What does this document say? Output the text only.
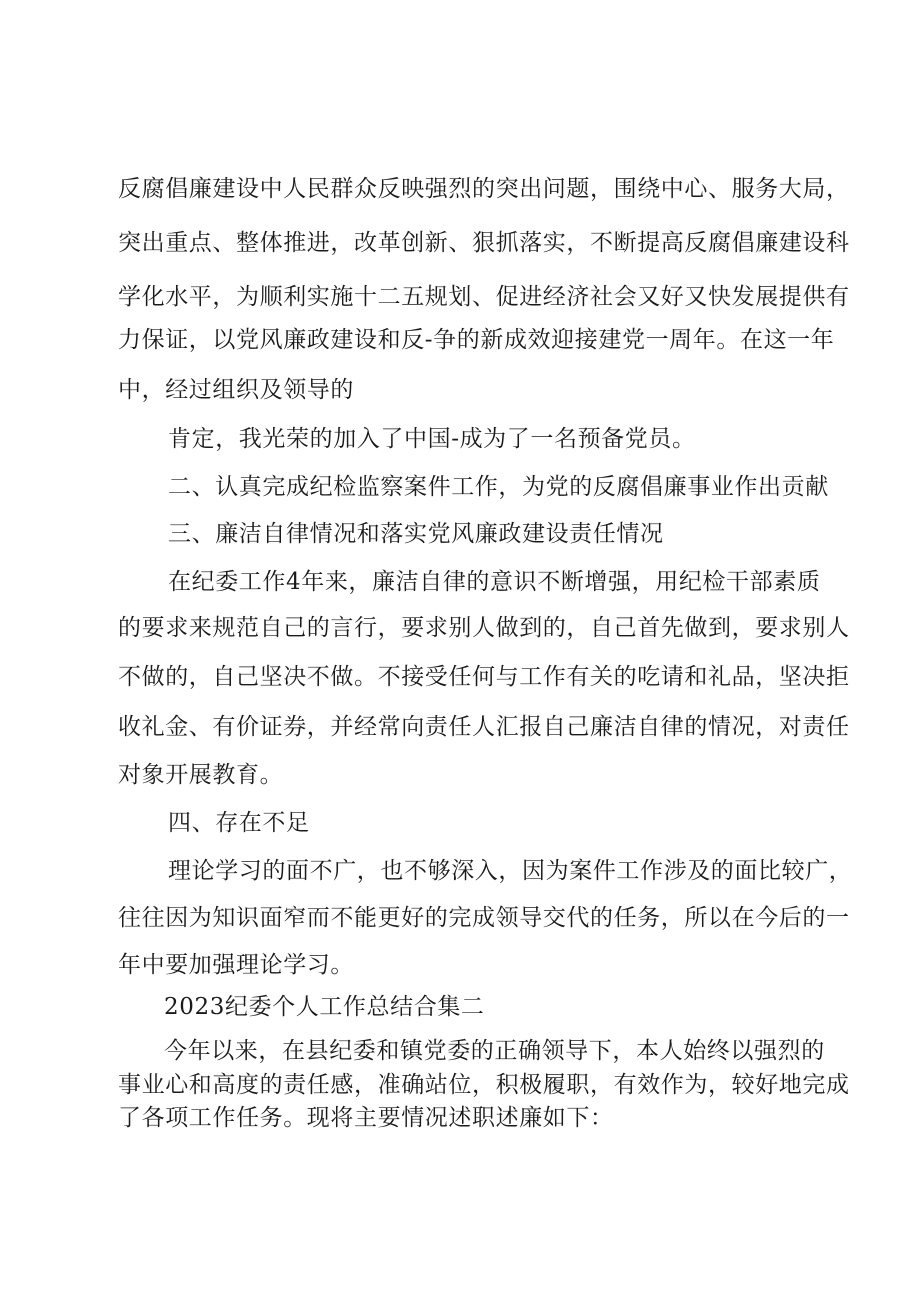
反腐倡廉建设中人民群众反映强烈的突出问题，围绕中心、服务大局，
突出重点、整体推进，改革创新、狠抓落实，不断提高反腐倡廉建设科
学化水平，为顺利实施十二五规划、促进经济社会又好又快发展提供有
力保证，以党风廉政建设和反-争的新成效迎接建党一周年。在这一年
中，经过组织及领导的
肯定，我光荣的加入了中国-成为了一名预备党员。
二、认真完成纪检监察案件工作，为党的反腐倡廉事业作出贡献
三、廉洁自律情况和落实党风廉政建设责任情况
在纪委工作4年来，廉洁自律的意识不断增强，用纪检干部素质
的要求来规范自己的言行，要求别人做到的，自己首先做到，要求别人
不做的，自己坚决不做。不接受任何与工作有关的吃请和礼品，坚决拒
收礼金、有价证券，并经常向责任人汇报自己廉洁自律的情况，对责任
对象开展教育。
四、存在不足
理论学习的面不广，也不够深入，因为案件工作涉及的面比较广，
往往因为知识面窄而不能更好的完成领导交代的任务，所以在今后的一
年中要加强理论学习。
2023纪委个人工作总结合集二
今年以来，在县纪委和镇党委的正确领导下，本人始终以强烈的
事业心和高度的责任感，准确站位，积极履职，有效作为，较好地完成
了各项工作任务。现将主要情况述职述廉如下：
